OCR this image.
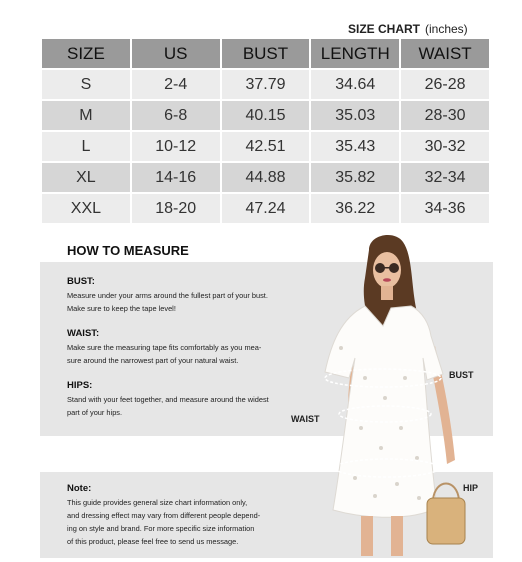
SIZE CHART (inches)
SIZE	US	BUST	LENGTH	WAIST
S	2-4	37.79	34.64	26-28
M	6-8	40.15	35.03	28-30
L	10-12	42.51	35.43	30-32
XL	14-16	44.88	35.82	32-34
XXL	18-20	47.24	36.22	34-36
HOW TO MEASURE
BUST:
Measure under your arms around the fullest part of your bust.
Make sure to keep the tape level!
WAIST:
Make sure the measuring tape fits comfortably as you mea-
sure around the narrowest part of your natural waist.
HIPS:
Stand with your feet together, and measure around the widest
part of your hips.
Note:
This guide provides general size chart information only,
and dressing effect may vary from different people depend-
ing on style and brand. For more specific size information
of this product, please feel free to send us message.
BUST
WAIST
HIP
